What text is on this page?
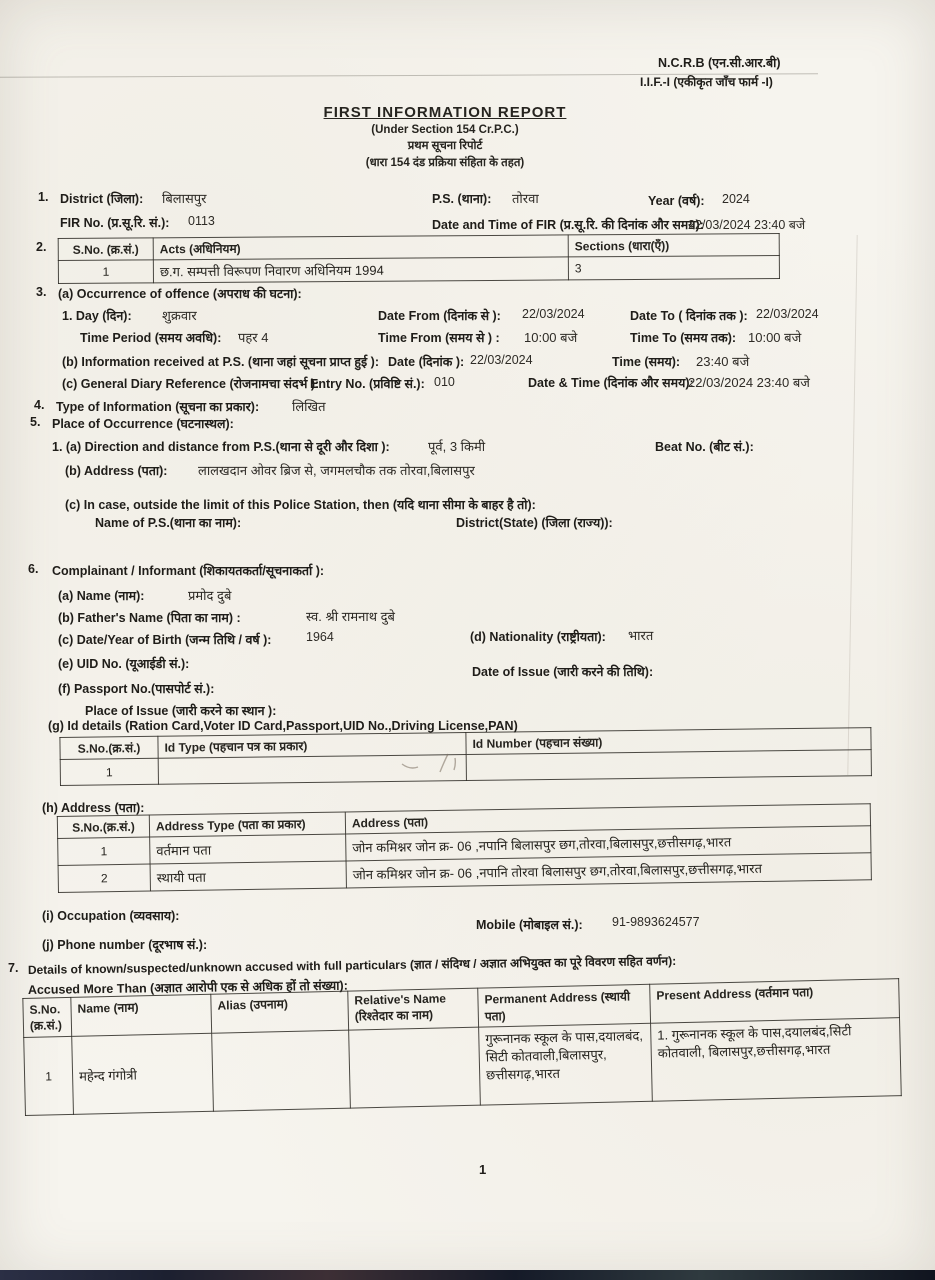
N.C.R.B (एन.सी.आर.बी)
I.I.F.-I (एकीकृत जाँच फार्म -I)
FIRST INFORMATION REPORT
(Under Section 154 Cr.P.C.)
प्रथम सूचना रिपोर्ट
(धारा 154 दंड प्रक्रिया संहिता के तहत)
1. District (जिला): बिलासपुर	P.S. (थाना): तोरवा	Year (वर्ष): 2024
FIR No. (प्र.सू.रि. सं.): 0113	Date and Time of FIR (प्र.सू.रि. की दिनांक और समय):
22/03/2024 23:40 बजे
2. S.No. (क्र.सं.)	Acts (अधिनियम)	Sections (धारा(एँ))
1	छ.ग. सम्पत्ती विरूपण निवारण अधिनियम 1994	3
3. (a) Occurrence of offence (अपराध की घटना):
1. Day (दिन): शुक्रवार	Date From (दिनांक से ): 22/03/2024	Date To ( दिनांक तक ): 22/03/2024
Time Period (समय अवधि): पहर 4	Time From (समय से ) : 10:00 बजे	Time To (समय तक): 10:00 बजे
(b) Information received at P.S. (थाना जहां सूचना प्राप्त हुई ): Date (दिनांक ): 22/03/2024	Time (समय): 23:40 बजे
(c) General Diary Reference (रोजनामचा संदर्भ ):
Entry No. (प्रविष्टि सं.): 010	Date & Time (दिनांक और समय):
22/03/2024 23:40 बजे
4. Type of Information (सूचना का प्रकार):	लिखित
5. Place of Occurrence (घटनास्थल):
1. (a) Direction and distance from P.S.(थाना से दूरी और दिशा ):	पूर्व, 3 किमी	Beat No. (बीट सं.):
(b) Address (पता): लालखदान ओवर ब्रिज से, जगमलचौक तक तोरवा,बिलासपुर
(c) In case, outside the limit of this Police Station, then (यदि थाना सीमा के बाहर है तो):
Name of P.S.(थाना का नाम):	District(State) (जिला (राज्य)):
6. Complainant / Informant (शिकायतकर्ता/सूचनाकर्ता ):
(a) Name (नाम):	प्रमोद दुबे
(b) Father's Name (पिता का नाम) :	स्व. श्री रामनाथ दुबे
(c) Date/Year of Birth (जन्म तिथि / वर्ष ):	1964	(d) Nationality (राष्ट्रीयता): भारत
(e) UID No. (यूआईडी सं.):
Date of Issue (जारी करने की तिथि):
(f) Passport No.(पासपोर्ट सं.):
Place of Issue (जारी करने का स्थान ):
(g) Id details (Ration Card,Voter ID Card,Passport,UID No.,Driving License,PAN)
S.No.(क्र.सं.)	Id Type (पहचान पत्र का प्रकार)	Id Number (पहचान संख्या)
1		
(h) Address (पता):
S.No.(क्र.सं.)	Address Type (पता का प्रकार)	Address (पता)
1	वर्तमान पता	जोन कमिश्नर जोन क्र- 06 ,नपानि बिलासपुर छग,तोरवा,बिलासपुर,छत्तीसगढ़,भारत
2	स्थायी पता	जोन कमिश्नर जोन क्र- 06 ,नपानि तोरवा बिलासपुर छग,तोरवा,बिलासपुर,छत्तीसगढ़,भारत
(i) Occupation (व्यवसाय):
Mobile (मोबाइल सं.): 91-9893624577
(j) Phone number (दूरभाष सं.):
7. Details of known/suspected/unknown accused with full particulars (ज्ञात / संदिग्ध / अज्ञात अभियुक्त का पूरे विवरण सहित वर्णन):
Accused More Than (अज्ञात आरोपी एक से अधिक हों तो संख्या):
S.No. (क्र.सं.)	Name (नाम)	Alias (उपनाम)	Relative's Name (रिश्तेदार का नाम)	Permanent Address (स्थायी पता)	Present Address (वर्तमान पता)
1	महेन्द गंगोत्री			गुरूनानक स्कूल के पास,दयालबंद, सिटी कोतवाली,बिलासपुर, छत्तीसगढ़,भारत	1. गुरूनानक स्कूल के पास,दयालबंद,सिटी कोतवाली, बिलासपुर,छत्तीसगढ़,भारत
1
